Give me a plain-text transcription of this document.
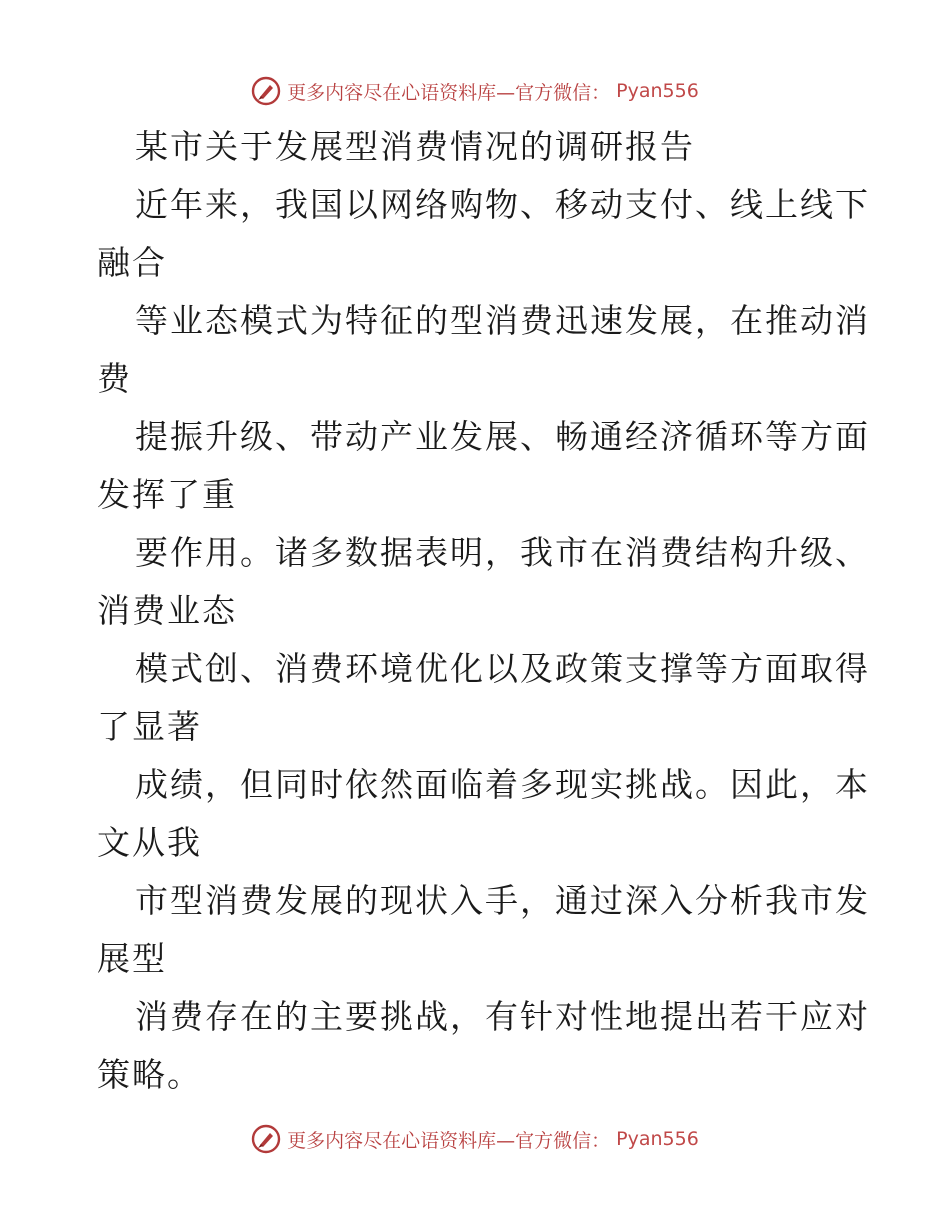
更多内容尽在心语资料库—官方微信： Pyan556
某市关于发展型消费情况的调研报告
近年来，我国以网络购物、移动支付、线上线下
融合
等业态模式为特征的型消费迅速发展，在推动消
费
提振升级、带动产业发展、畅通经济循环等方面
发挥了重
要作用。诸多数据表明，我市在消费结构升级、
消费业态
模式创、消费环境优化以及政策支撑等方面取得
了显著
成绩，但同时依然面临着多现实挑战。因此，本
文从我
市型消费发展的现状入手，通过深入分析我市发
展型
消费存在的主要挑战，有针对性地提出若干应对
策略。
更多内容尽在心语资料库—官方微信： Pyan556
